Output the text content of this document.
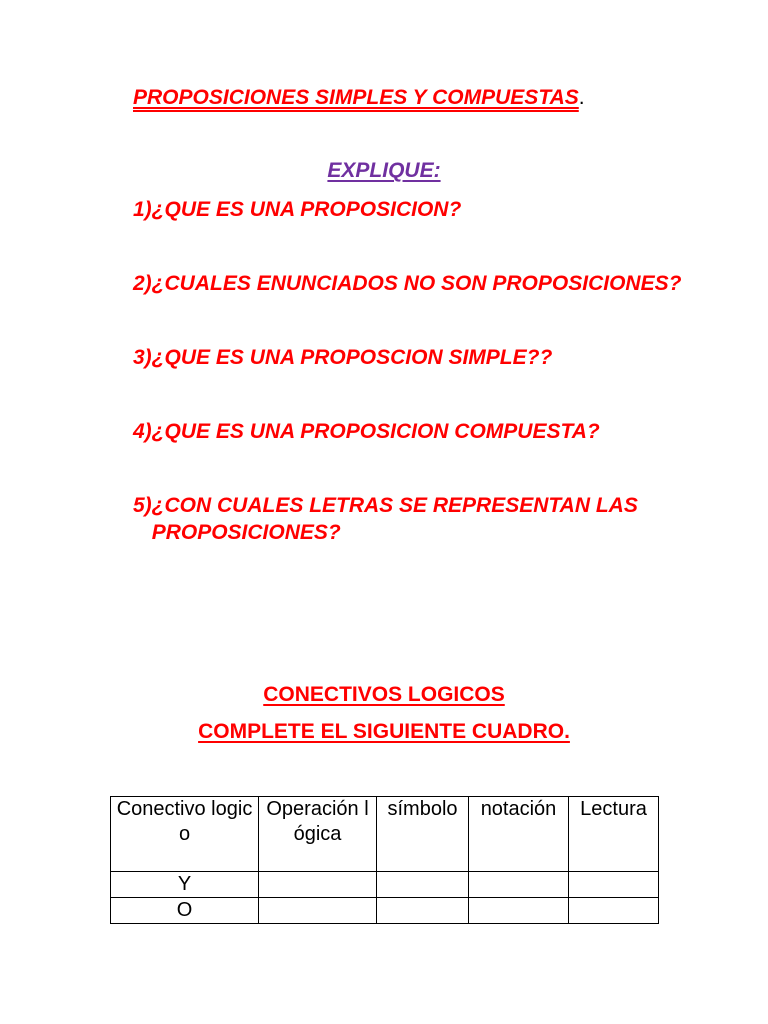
PROPOSICIONES SIMPLES Y COMPUESTAS.
EXPLIQUE:
1) ¿QUE ES UNA PROPOSICION?
2) ¿CUALES ENUNCIADOS NO SON PROPOSICIONES?
3) ¿QUE ES UNA PROPOSCION SIMPLE??
4) ¿QUE ES UNA PROPOSICION COMPUESTA?
5) ¿CON CUALES LETRAS SE REPRESENTAN LAS PROPOSICIONES?
CONECTIVOS LOGICOS
COMPLETE EL SIGUIENTE CUADRO.
Conectivo logico	Operación lógica	símbolo	notación	Lectura
Y				
O				
